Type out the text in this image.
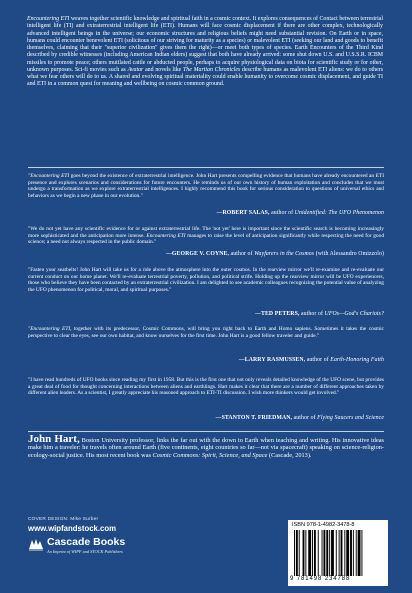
Encountering ETI weaves together scientific knowledge and spiritual faith in a cosmic context. It explores consequences of Contact between terrestrial intelligent life (TI) and extraterrestrial intelligent life (ETI). Humans will face cosmic displacement if there are other complex, technologically advanced intelligent beings in the universe; our economic structures and religious beliefs might need substantial revision. On Earth or in space, humans could encounter benevolent ETI (solicitous of our striving for maturity as a species) or malevolent ETI (seeking our land and goods to benefit themselves, claiming that their "superior civilization" gives them the right)—or meet both types of species. Earth Encounters of the Third Kind described by credible witnesses (including American Indian elders) suggest that both have already arrived: some shut down U.S. and U.S.S.R. ICBM missiles to promote peace; others mutilated cattle or abducted people, perhaps to acquire physiological data on biota for scientific study or for other, unknown purposes. Sci-fi movies such as Avatar and novels like The Martian Chronicles describe humans as malevolent ETI aliens: we do to others what we fear others will do to us. A shared and evolving spiritual materiality could enable humanity to overcome cosmic displacement, and guide TI and ETI in a common quest for meaning and wellbeing on cosmic common ground.
"Encountering ETI goes beyond the existence of extraterrestrial intelligence. John Hart presents compelling evidence that humans have already encountered an ETI presence and explores scenarios and considerations for future encounters. He reminds us of our own history of human exploitation and concludes that we must undergo a transformation as we explore extraterrestrial intelligences. I highly recommend this book for serious consideration to questions of universal ethics and behaviors as we begin a new phase in our evolution."
—ROBERT SALAS, author of Unidentified: The UFO Phenomenon
"We do not yet have any scientific evidence for or against extraterrestrial life. The 'not yet' here is important since the scientific search is becoming increasingly more sophisticated and the anticipation more intense. Encountering ETI manages to raise the level of anticipation significantly while respecting the need for good science; a need not always respected in the public domain."
—GEORGE V. COYNE, author of Wayfarers in the Cosmos (with Alessandro Omizzolo)
"Fasten your seatbelts! John Hart will take us for a ride above the atmosphere into the outer cosmos. In the rearview mirror we'll re-examine and re-evaluate our current conduct on our home planet. We'll re-evaluate terrestrial poverty, pollution, and political strife. Holding up the rearview mirror will be UFO experiencers, those who believe they have been contacted by an extraterrestrial civilization. I am delighted to see academic colleagues recognizing the potential value of analyzing the UFO phenomenon for political, moral, and spiritual purposes."
—TED PETERS, author of UFOs—God's Chariots?
"Encountering ETI, together with its predecessor, Cosmic Commons, will bring you right back to Earth and Homo sapiens. Sometimes it takes the cosmic perspective to clear the eyes, see our own habitat, and know ourselves for the first time. John Hart is a good fellow traveler and guide."
—LARRY RASMUSSEN, author of Earth-Honoring Faith
"I have read hundreds of UFO books since reading my first in 1958. But this is the first one that not only reveals detailed knowledge of the UFO scene, but provides a great deal of food for thought concerning interactions between aliens and earthlings. Hart makes it clear that there are a number of different approaches taken by different alien leaders. As a scientist, I greatly appreciate his reasoned approach to ETI-TI discussion. I wish more thinkers would get involved."
—STANTON T. FRIEDMAN, author of Flying Saucers and Science
John Hart, Boston University professor, links the far out with the down to Earth when teaching and writing. His innovative ideas make him a traveler: he travels often around Earth (five continents, eight countries so far—not via spacecraft) speaking on science-religion-ecology-social justice. His most recent book was Cosmic Commons: Spirit, Science, and Space (Cascade, 2013).
COVER DESIGN: Mike Surber
www.wipfandstock.com
Cascade Books
An Imprint of WIPF and STOCK Publishers
ISBN 978-1-4982-3478-8
9 781498 234788
